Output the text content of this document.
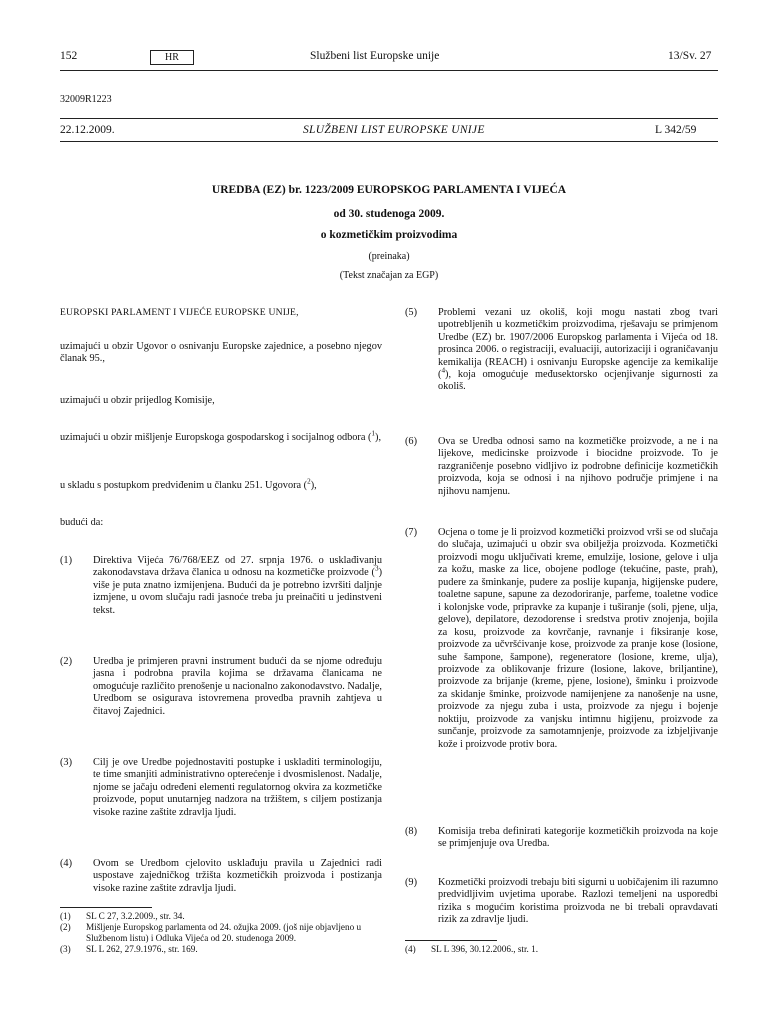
152	HR	Službeni list Europske unije	13/Sv. 27
32009R1223
22.12.2009.	SLUŽBENI LIST EUROPSKE UNIJE	L 342/59
UREDBA (EZ) br. 1223/2009 EUROPSKOG PARLAMENTA I VIJEĆA
od 30. studenoga 2009.
o kozmetičkim proizvodima
(preinaka)
(Tekst značajan za EGP)
EUROPSKI PARLAMENT I VIJEĆE EUROPSKE UNIJE,
uzimajući u obzir Ugovor o osnivanju Europske zajednice, a posebno njegov članak 95.,
uzimajući u obzir prijedlog Komisije,
uzimajući u obzir mišljenje Europskoga gospodarskog i socijalnog odbora ($^1$),
u skladu s postupkom predviđenim u članku 251. Ugovora ($^2$),
budući da:
(1) Direktiva Vijeća 76/768/EEZ od 27. srpnja 1976. o usklađivanju zakonodavstava država članica u odnosu na kozmetičke proizvode ($^3$) više je puta znatno izmijenjena. Budući da je potrebno izvršiti daljnje izmjene, u ovom slučaju radi jasnoće treba ju preinačiti u jedinstveni tekst.
(2) Uredba je primjeren pravni instrument budući da se njome određuju jasna i podrobna pravila kojima se državama članicama ne omogućuje različito prenošenje u nacionalno zakonodavstvo. Nadalje, Uredbom se osigurava istovremena provedba pravnih zahtjeva u čitavoj Zajednici.
(3) Cilj je ove Uredbe pojednostaviti postupke i uskladiti terminologiju, te time smanjiti administrativno opterećenje i dvosmislenost. Nadalje, njome se jačaju određeni elementi regulatornog okvira za kozmetičke proizvode, poput unutarnjeg nadzora na tržištem, s ciljem postizanja visoke razine zaštite zdravlja ljudi.
(4) Ovom se Uredbom cjelovito usklađuju pravila u Zajednici radi uspostave zajedničkog tržišta kozmetičkih proizvoda i postizanja visoke razine zaštite zdravlja ljudi.
(1)	SL C 27, 3.2.2009., str. 34.
(2)	Mišljenje Europskog parlamenta od 24. ožujka 2009. (još nije objavljeno u Službenom listu) i Odluka Vijeća od 20. studenoga 2009.
(3)	SL L 262, 27.9.1976., str. 169.
(5) Problemi vezani uz okoliš, koji mogu nastati zbog tvari upotrebljenih u kozmetičkim proizvodima, rješavaju se primjenom Uredbe (EZ) br. 1907/2006 Europskog parlamenta i Vijeća od 18. prosinca 2006. o registraciji, evaluaciji, autorizaciji i ograničavanju kemikalija (REACH) i osnivanju Europske agencije za kemikalije ($^4$), koja omogućuje međusektorsko ocjenjivanje sigurnosti za okoliš.
(6) Ova se Uredba odnosi samo na kozmetičke proizvode, a ne i na lijekove, medicinske proizvode i biocidne proizvode. To je razgraničenje posebno vidljivo iz podrobne definicije kozmetičkih proizvoda, koja se odnosi i na njihovo područje primjene i na njihovu namjenu.
(7) Ocjena o tome je li proizvod kozmetički proizvod vrši se od slučaja do slučaja, uzimajući u obzir sva obilježja proizvoda. Kozmetički proizvodi mogu uključivati kreme, emulzije, losione, gelove i ulja za kožu, maske za lice, obojene podloge (tekućine, paste, prah), pudere za šminkanje, pudere za poslije kupanja, higijenske pudere, toaletne sapune, sapune za dezodoriranje, parfeme, toaletne vodice i kolonjske vode, pripravke za kupanje i tuširanje (soli, pjene, ulja, gelove), depilatore, dezodorense i sredstva protiv znojenja, bojila za kosu, proizvode za kovrčanje, ravnanje i fiksiranje kose, proizvode za učvršćivanje kose, proizvode za pranje kose (losione, suhe šampone, šampone), regeneratore (losione, kreme, ulja), proizvode za oblikovanje frizure (losione, lakove, briljantine), proizvode za brijanje (kreme, pjene, losione), šminku i proizvode za skidanje šminke, proizvode namijenjene za nanošenje na usne, proizvode za njegu zuba i usta, proizvode za njegu i bojenje noktiju, proizvode za vanjsku intimnu higijenu, proizvode za sunčanje, proizvode za samotamnjenje, proizvode za izbjeljivanje kože i proizvode protiv bora.
(8) Komisija treba definirati kategorije kozmetičkih proizvoda na koje se primjenjuje ova Uredba.
(9) Kozmetički proizvodi trebaju biti sigurni u uobičajenim ili razumno predvidljivim uvjetima uporabe. Razlozi temeljeni na usporedbi rizika s mogućim koristima proizvoda ne bi trebali opravdavati rizik za zdravlje ljudi.
(4)	SL L 396, 30.12.2006., str. 1.
